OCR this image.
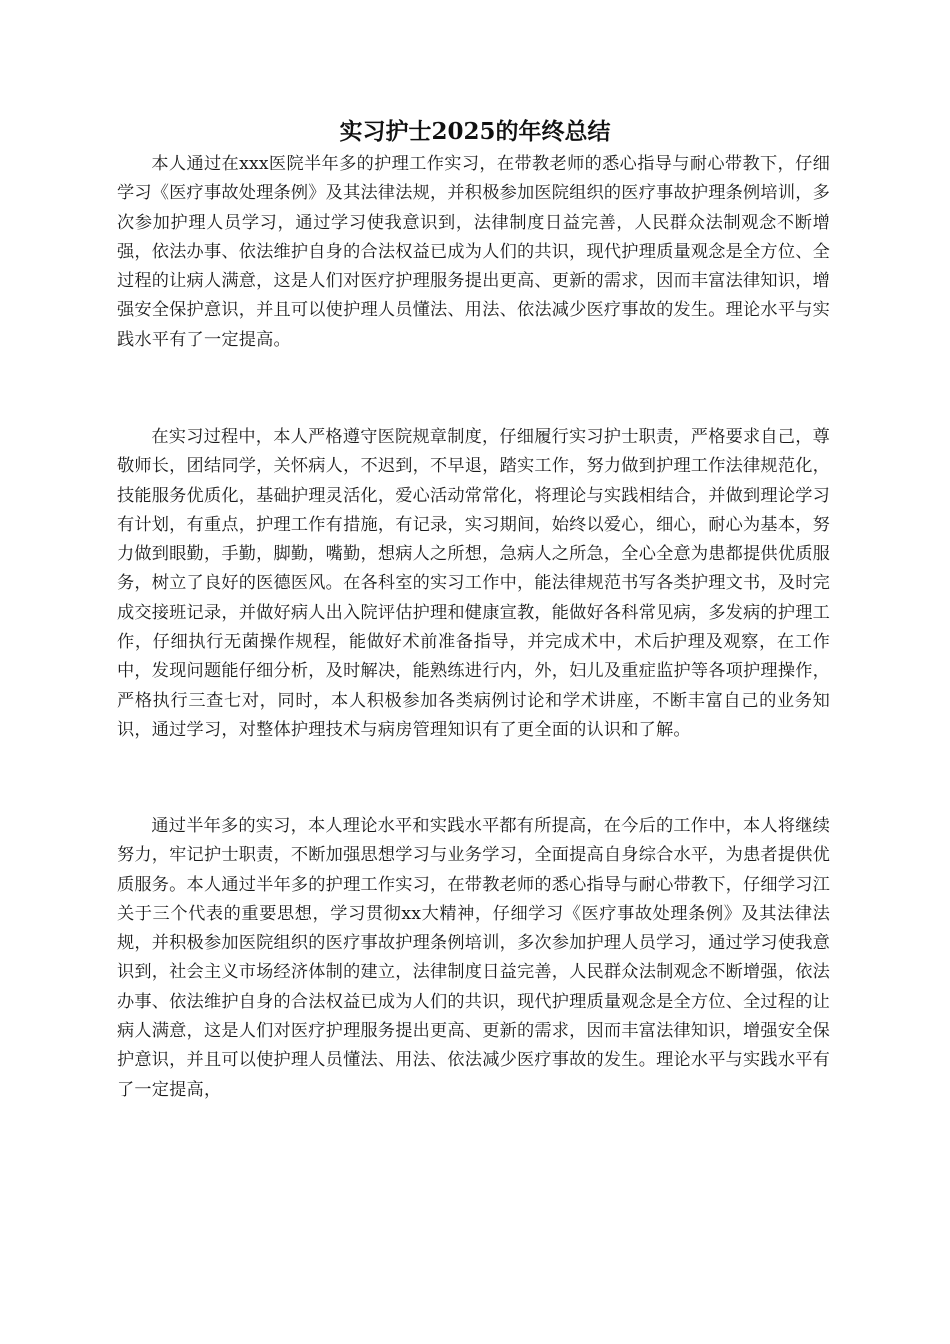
实习护士2025的年终总结

本人通过在xxx医院半年多的护理工作实习，在带教老师的悉心指导与耐心带教下，仔细学习《医疗事故处理条例》及其法律法规，并积极参加医院组织的医疗事故护理条例培训，多次参加护理人员学习，通过学习使我意识到，法律制度日益完善，人民群众法制观念不断增强，依法办事、依法维护自身的合法权益已成为人们的共识，现代护理质量观念是全方位、全过程的让病人满意，这是人们对医疗护理服务提出更高、更新的需求，因而丰富法律知识，增强安全保护意识，并且可以使护理人员懂法、用法、依法减少医疗事故的发生。理论水平与实践水平有了一定提高。

在实习过程中，本人严格遵守医院规章制度，仔细履行实习护士职责，严格要求自己，尊敬师长，团结同学，关怀病人，不迟到，不早退，踏实工作，努力做到护理工作法律规范化，技能服务优质化，基础护理灵活化，爱心活动常常化，将理论与实践相结合，并做到理论学习有计划，有重点，护理工作有措施，有记录，实习期间，始终以爱心，细心，耐心为基本，努力做到眼勤，手勤，脚勤，嘴勤，想病人之所想，急病人之所急，全心全意为患都提供优质服务，树立了良好的医德医风。在各科室的实习工作中，能法律规范书写各类护理文书，及时完成交接班记录，并做好病人出入院评估护理和健康宣教，能做好各科常见病，多发病的护理工作，仔细执行无菌操作规程，能做好术前准备指导，并完成术中，术后护理及观察，在工作中，发现问题能仔细分析，及时解决，能熟练进行内，外，妇儿及重症监护等各项护理操作，严格执行三查七对，同时，本人积极参加各类病例讨论和学术讲座，不断丰富自己的业务知识，通过学习，对整体护理技术与病房管理知识有了更全面的认识和了解。

通过半年多的实习，本人理论水平和实践水平都有所提高，在今后的工作中，本人将继续努力，牢记护士职责，不断加强思想学习与业务学习，全面提高自身综合水平，为患者提供优质服务。本人通过半年多的护理工作实习，在带教老师的悉心指导与耐心带教下，仔细学习江关于三个代表的重要思想，学习贯彻xx大精神，仔细学习《医疗事故处理条例》及其法律法规，并积极参加医院组织的医疗事故护理条例培训，多次参加护理人员学习，通过学习使我意识到，社会主义市场经济体制的建立，法律制度日益完善，人民群众法制观念不断增强，依法办事、依法维护自身的合法权益已成为人们的共识，现代护理质量观念是全方位、全过程的让病人满意，这是人们对医疗护理服务提出更高、更新的需求，因而丰富法律知识，增强安全保护意识，并且可以使护理人员懂法、用法、依法减少医疗事故的发生。理论水平与实践水平有了一定提高，
